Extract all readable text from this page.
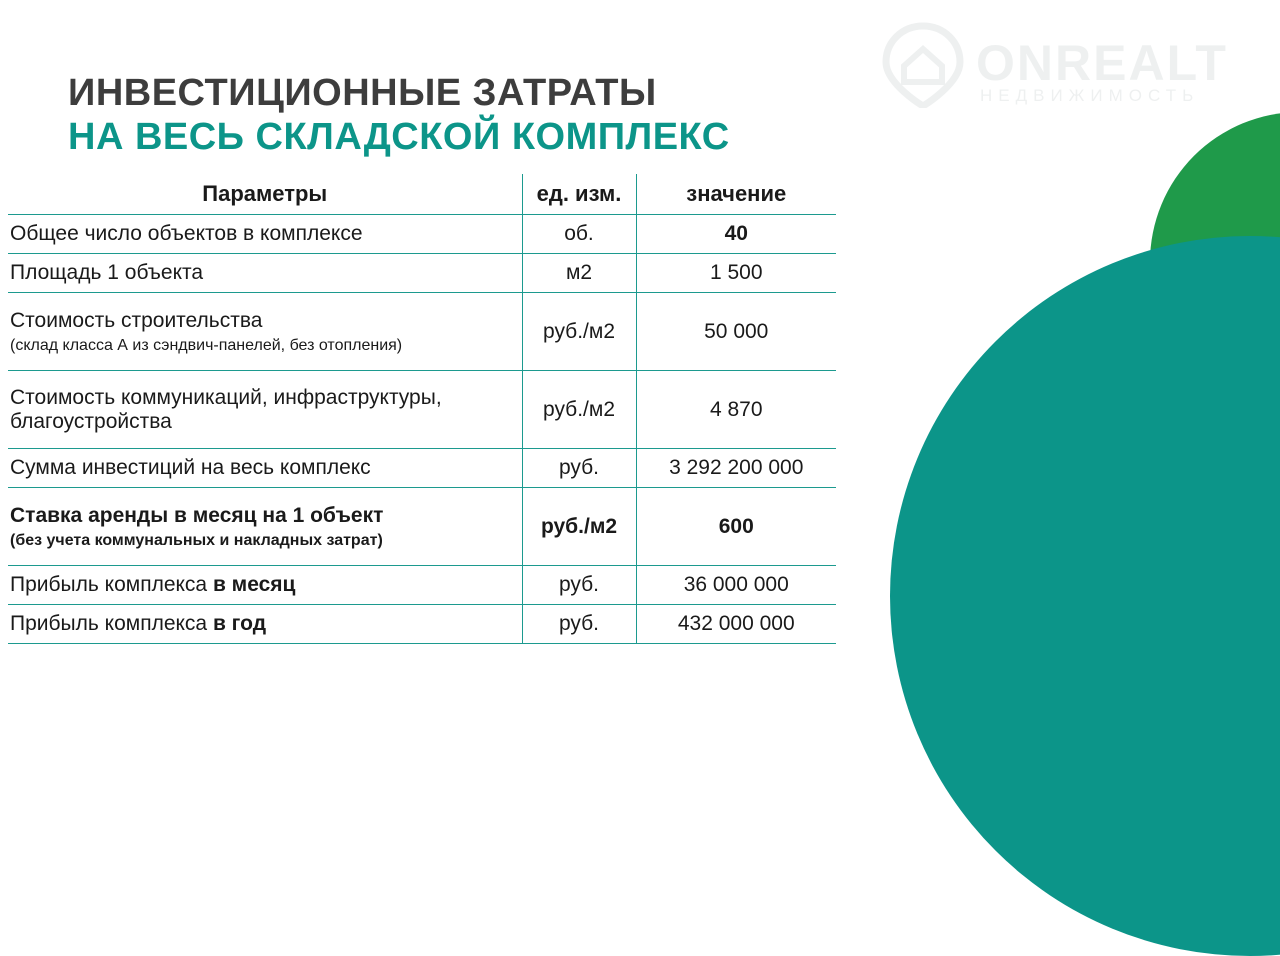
ONREALT
НЕДВИЖИМОСТЬ
ИНВЕСТИЦИОННЫЕ ЗАТРАТЫ
НА ВЕСЬ СКЛАДСКОЙ КОМПЛЕКС
Параметры	ед. изм.	значение
Общее число объектов в комплексе	об.	40
Площадь 1 объекта	м2	1 500
Стоимость строительства
(склад класса А из сэндвич-панелей, без отопления)	руб./м2	50 000
Стоимость коммуникаций, инфраструктуры,
благоустройства	руб./м2	4 870
Сумма инвестиций на весь комплекс	руб.	3 292 200 000
Ставка аренды в месяц на 1 объект
(без учета коммунальных и накладных затрат)	руб./м2	600
Прибыль комплекса в месяц	руб.	36 000 000
Прибыль комплекса в год	руб.	432 000 000
